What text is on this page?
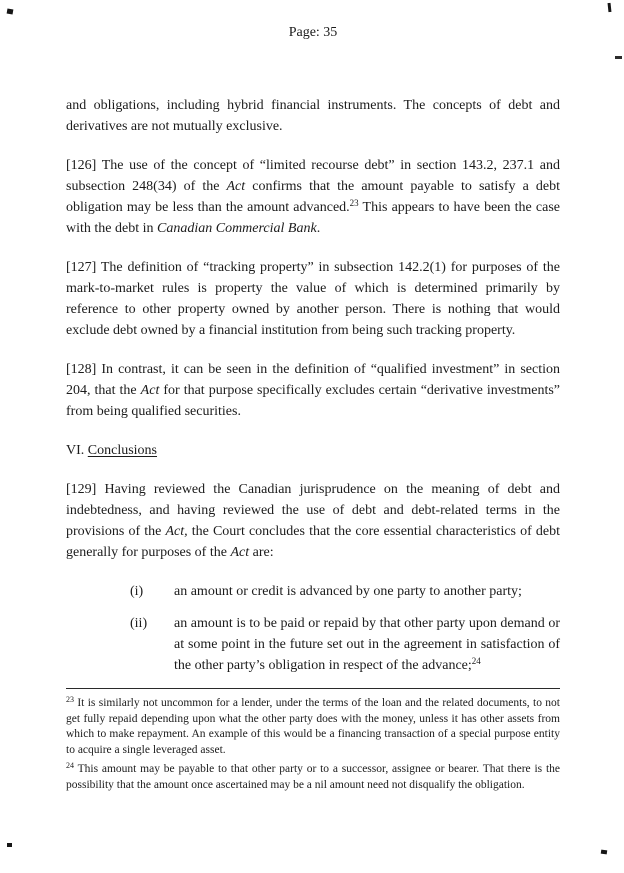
Page: 35

and obligations, including hybrid financial instruments. The concepts of debt and derivatives are not mutually exclusive.

[126] The use of the concept of “limited recourse debt” in section 143.2, 237.1 and subsection 248(34) of the Act confirms that the amount payable to satisfy a debt obligation may be less than the amount advanced.$^{23}$ This appears to have been the case with the debt in Canadian Commercial Bank.

[127] The definition of “tracking property” in subsection 142.2(1) for purposes of the mark-to-market rules is property the value of which is determined primarily by reference to other property owned by another person. There is nothing that would exclude debt owned by a financial institution from being such tracking property.

[128] In contrast, it can be seen in the definition of “qualified investment” in section 204, that the Act for that purpose specifically excludes certain “derivative investments” from being qualified securities.

VI. Conclusions

[129] Having reviewed the Canadian jurisprudence on the meaning of debt and indebtedness, and having reviewed the use of debt and debt-related terms in the provisions of the Act, the Court concludes that the core essential characteristics of debt generally for purposes of the Act are:

(i)	an amount or credit is advanced by one party to another party;
(ii)	an amount is to be paid or repaid by that other party upon demand or at some point in the future set out in the agreement in satisfaction of the other party’s obligation in respect of the advance;$^{24}$

$^{23}$ It is similarly not uncommon for a lender, under the terms of the loan and the related documents, to not get fully repaid depending upon what the other party does with the money, unless it has other assets from which to make repayment. An example of this would be a financing transaction of a special purpose entity to acquire a single leveraged asset.

$^{24}$ This amount may be payable to that other party or to a successor, assignee or bearer. That there is the possibility that the amount once ascertained may be a nil amount need not disqualify the obligation.
